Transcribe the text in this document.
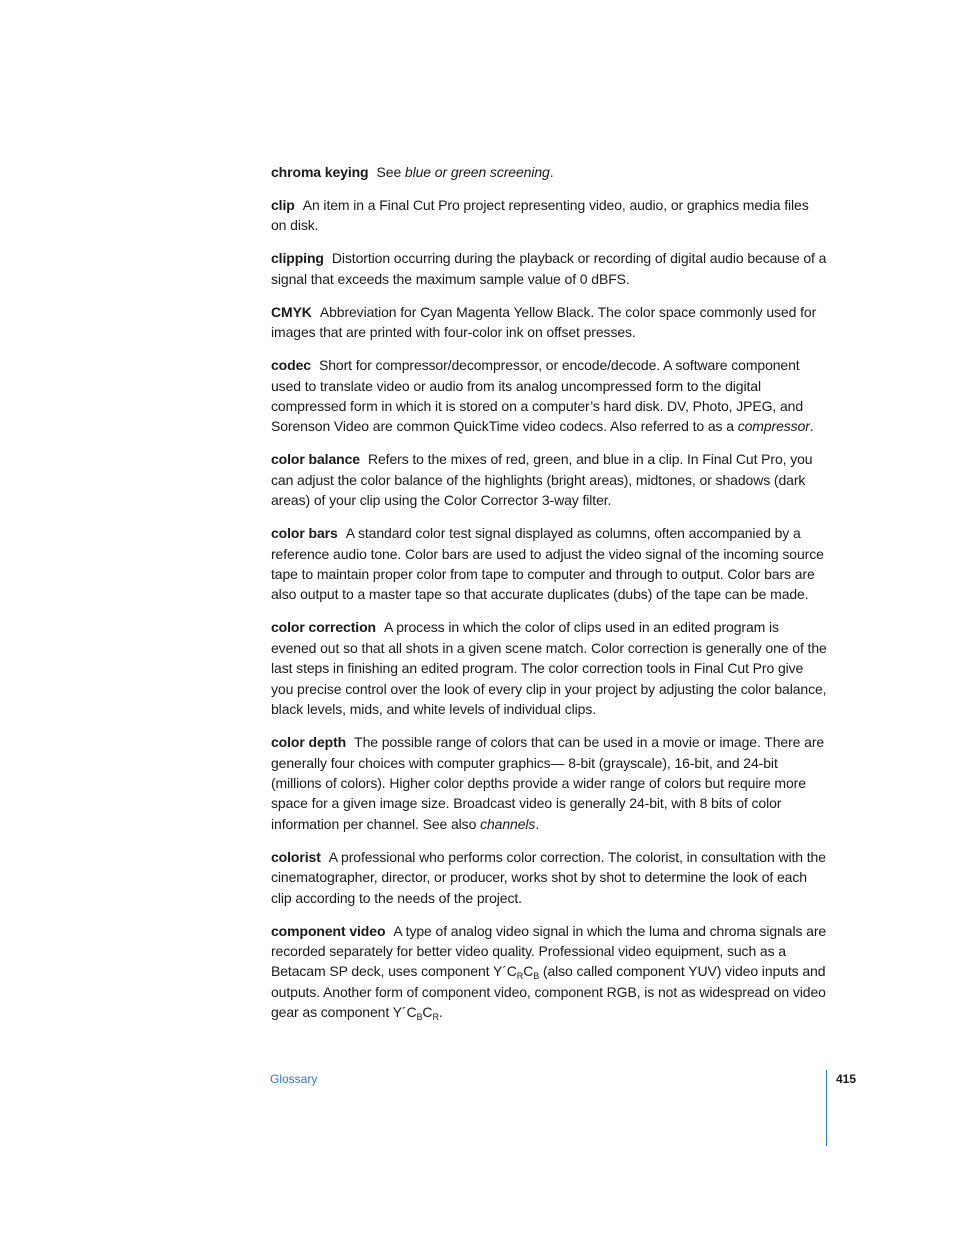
chroma keying See blue or green screening.

clip An item in a Final Cut Pro project representing video, audio, or graphics media files on disk.

clipping Distortion occurring during the playback or recording of digital audio because of a signal that exceeds the maximum sample value of 0 dBFS.

CMYK Abbreviation for Cyan Magenta Yellow Black. The color space commonly used for images that are printed with four-color ink on offset presses.

codec Short for compressor/decompressor, or encode/decode. A software component used to translate video or audio from its analog uncompressed form to the digital compressed form in which it is stored on a computer’s hard disk. DV, Photo, JPEG, and Sorenson Video are common QuickTime video codecs. Also referred to as a compressor.

color balance Refers to the mixes of red, green, and blue in a clip. In Final Cut Pro, you can adjust the color balance of the highlights (bright areas), midtones, or shadows (dark areas) of your clip using the Color Corrector 3-way filter.

color bars A standard color test signal displayed as columns, often accompanied by a reference audio tone. Color bars are used to adjust the video signal of the incoming source tape to maintain proper color from tape to computer and through to output. Color bars are also output to a master tape so that accurate duplicates (dubs) of the tape can be made.

color correction A process in which the color of clips used in an edited program is evened out so that all shots in a given scene match. Color correction is generally one of the last steps in finishing an edited program. The color correction tools in Final Cut Pro give you precise control over the look of every clip in your project by adjusting the color balance, black levels, mids, and white levels of individual clips.

color depth The possible range of colors that can be used in a movie or image. There are generally four choices with computer graphics— 8-bit (grayscale), 16-bit, and 24-bit (millions of colors). Higher color depths provide a wider range of colors but require more space for a given image size. Broadcast video is generally 24-bit, with 8 bits of color information per channel. See also channels.

colorist A professional who performs color correction. The colorist, in consultation with the cinematographer, director, or producer, works shot by shot to determine the look of each clip according to the needs of the project.

component video A type of analog video signal in which the luma and chroma signals are recorded separately for better video quality. Professional video equipment, such as a Betacam SP deck, uses component $Y´C_RC_B$ (also called component YUV) video inputs and outputs. Another form of component video, component RGB, is not as widespread on video gear as component $Y´C_BC_R$.

Glossary	415
